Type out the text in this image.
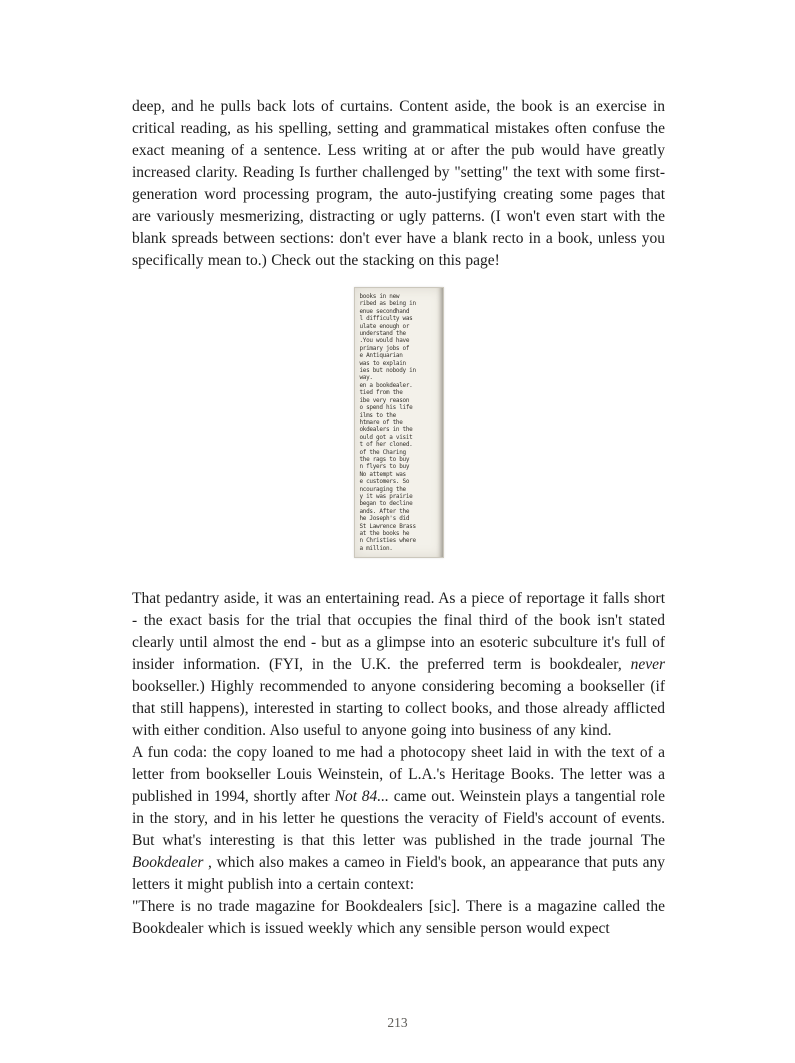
deep, and he pulls back lots of curtains. Content aside, the book is an exercise in critical reading, as his spelling, setting and grammatical mistakes often confuse the exact meaning of a sentence. Less writing at or after the pub would have greatly increased clarity. Reading Is further challenged by "setting" the text with some first-generation word processing program, the auto-justifying creating some pages that are variously mesmerizing, distracting or ugly patterns. (I won't even start with the blank spreads between sections: don't ever have a blank recto in a book, unless you specifically mean to.) Check out the stacking on this page!

books in new
ribed as being in
enue secondhand
l difficulty was
ulate enough or
understand the
.You would have
primary jobs of
e Antiquarian
was to explain
ies but nobody in
way.
en a bookdealer.
tied from the
ibe very reason
o spend his life
ilms to the
htmare of the
okdealers in the
ould got a visit
t of her cloned.
of the Charing
the rags to buy
n flyers to buy
No attempt was
e customers. So
ncouraging the
y it was prairie
began to decline
ands. After the
he Joseph's did
St Lawrence Brass
at the books he
n Christies where
a million.

That pedantry aside, it was an entertaining read. As a piece of reportage it falls short - the exact basis for the trial that occupies the final third of the book isn't stated clearly until almost the end - but as a glimpse into an esoteric subculture it's full of insider information. (FYI, in the U.K. the preferred term is bookdealer, never bookseller.) Highly recommended to anyone considering becoming a bookseller (if that still happens), interested in starting to collect books, and those already afflicted with either condition. Also useful to anyone going into business of any kind.

A fun coda: the copy loaned to me had a photocopy sheet laid in with the text of a letter from bookseller Louis Weinstein, of L.A.'s Heritage Books. The letter was a published in 1994, shortly after Not 84... came out. Weinstein plays a tangential role in the story, and in his letter he questions the veracity of Field's account of events. But what's interesting is that this letter was published in the trade journal The Bookdealer , which also makes a cameo in Field's book, an appearance that puts any letters it might publish into a certain context:

"There is no trade magazine for Bookdealers [sic]. There is a magazine called the Bookdealer which is issued weekly which any sensible person would expect

213
